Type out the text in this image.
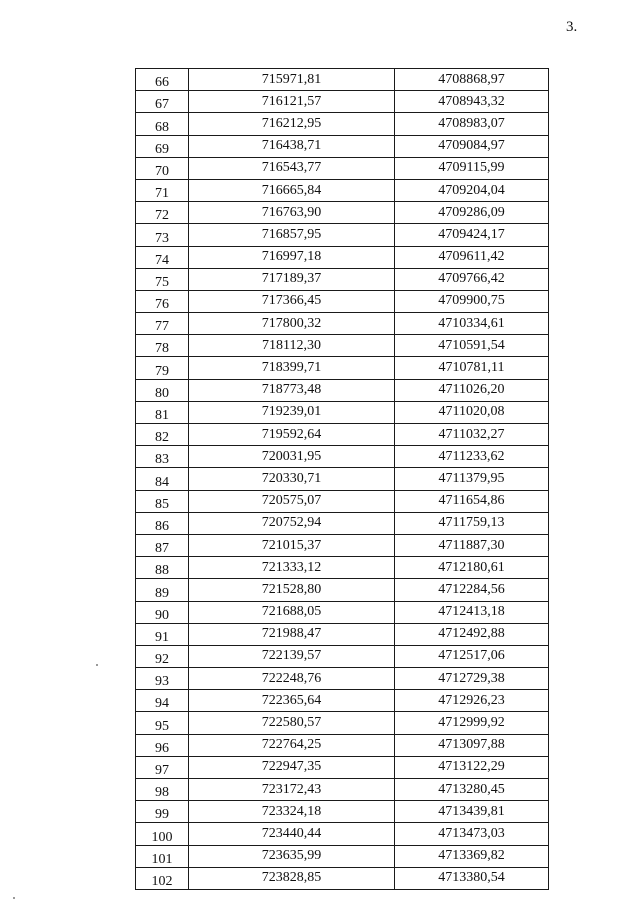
3.
66	715971,81	4708868,97
67	716121,57	4708943,32
68	716212,95	4708983,07
69	716438,71	4709084,97
70	716543,77	4709115,99
71	716665,84	4709204,04
72	716763,90	4709286,09
73	716857,95	4709424,17
74	716997,18	4709611,42
75	717189,37	4709766,42
76	717366,45	4709900,75
77	717800,32	4710334,61
78	718112,30	4710591,54
79	718399,71	4710781,11
80	718773,48	4711026,20
81	719239,01	4711020,08
82	719592,64	4711032,27
83	720031,95	4711233,62
84	720330,71	4711379,95
85	720575,07	4711654,86
86	720752,94	4711759,13
87	721015,37	4711887,30
88	721333,12	4712180,61
89	721528,80	4712284,56
90	721688,05	4712413,18
91	721988,47	4712492,88
92	722139,57	4712517,06
93	722248,76	4712729,38
94	722365,64	4712926,23
95	722580,57	4712999,92
96	722764,25	4713097,88
97	722947,35	4713122,29
98	723172,43	4713280,45
99	723324,18	4713439,81
100	723440,44	4713473,03
101	723635,99	4713369,82
102	723828,85	4713380,54
